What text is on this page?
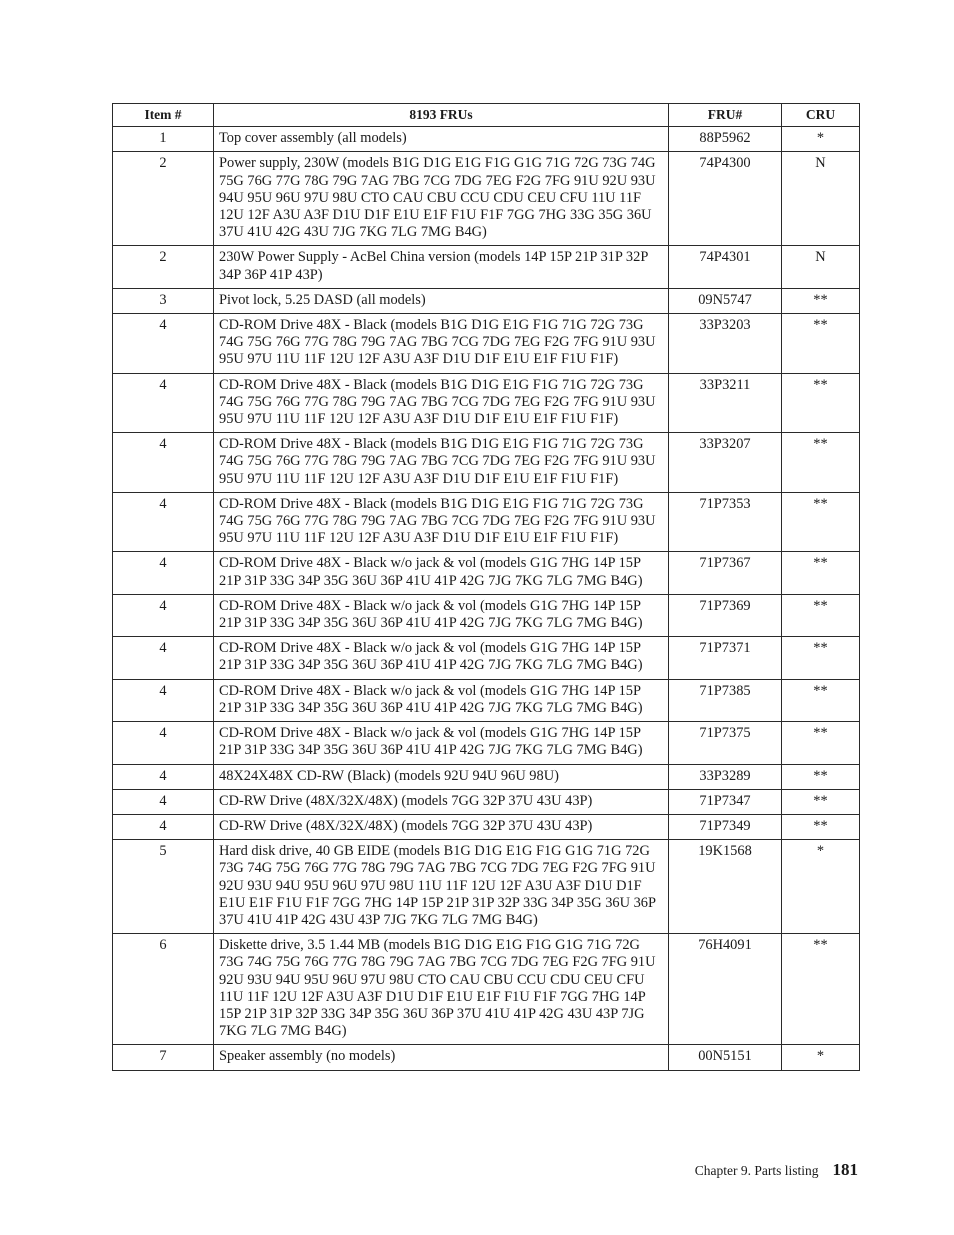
Item #	8193 FRUs	FRU#	CRU
1	Top cover assembly (all models)	88P5962	*
2	Power supply, 230W (models B1G D1G E1G F1G G1G 71G 72G 73G 74G 75G 76G 77G 78G 79G 7AG 7BG 7CG 7DG 7EG F2G 7FG 91U 92U 93U 94U 95U 96U 97U 98U CTO CAU CBU CCU CDU CEU CFU 11U 11F 12U 12F A3U A3F D1U D1F E1U E1F F1U F1F 7GG 7HG 33G 35G 36U 37U 41U 42G 43U 7JG 7KG 7LG 7MG B4G)	74P4300	N
2	230W Power Supply - AcBel China version (models 14P 15P 21P 31P 32P 34P 36P 41P 43P)	74P4301	N
3	Pivot lock, 5.25 DASD (all models)	09N5747	**
4	CD-ROM Drive 48X - Black (models B1G D1G E1G F1G 71G 72G 73G 74G 75G 76G 77G 78G 79G 7AG 7BG 7CG 7DG 7EG F2G 7FG 91U 93U 95U 97U 11U 11F 12U 12F A3U A3F D1U D1F E1U E1F F1U F1F)	33P3203	**
4	CD-ROM Drive 48X - Black (models B1G D1G E1G F1G 71G 72G 73G 74G 75G 76G 77G 78G 79G 7AG 7BG 7CG 7DG 7EG F2G 7FG 91U 93U 95U 97U 11U 11F 12U 12F A3U A3F D1U D1F E1U E1F F1U F1F)	33P3211	**
4	CD-ROM Drive 48X - Black (models B1G D1G E1G F1G 71G 72G 73G 74G 75G 76G 77G 78G 79G 7AG 7BG 7CG 7DG 7EG F2G 7FG 91U 93U 95U 97U 11U 11F 12U 12F A3U A3F D1U D1F E1U E1F F1U F1F)	33P3207	**
4	CD-ROM Drive 48X - Black (models B1G D1G E1G F1G 71G 72G 73G 74G 75G 76G 77G 78G 79G 7AG 7BG 7CG 7DG 7EG F2G 7FG 91U 93U 95U 97U 11U 11F 12U 12F A3U A3F D1U D1F E1U E1F F1U F1F)	71P7353	**
4	CD-ROM Drive 48X - Black w/o jack & vol (models G1G 7HG 14P 15P 21P 31P 33G 34P 35G 36U 36P 41U 41P 42G 7JG 7KG 7LG 7MG B4G)	71P7367	**
4	CD-ROM Drive 48X - Black w/o jack & vol (models G1G 7HG 14P 15P 21P 31P 33G 34P 35G 36U 36P 41U 41P 42G 7JG 7KG 7LG 7MG B4G)	71P7369	**
4	CD-ROM Drive 48X - Black w/o jack & vol (models G1G 7HG 14P 15P 21P 31P 33G 34P 35G 36U 36P 41U 41P 42G 7JG 7KG 7LG 7MG B4G)	71P7371	**
4	CD-ROM Drive 48X - Black w/o jack & vol (models G1G 7HG 14P 15P 21P 31P 33G 34P 35G 36U 36P 41U 41P 42G 7JG 7KG 7LG 7MG B4G)	71P7385	**
4	CD-ROM Drive 48X - Black w/o jack & vol (models G1G 7HG 14P 15P 21P 31P 33G 34P 35G 36U 36P 41U 41P 42G 7JG 7KG 7LG 7MG B4G)	71P7375	**
4	48X24X48X CD-RW (Black) (models 92U 94U 96U 98U)	33P3289	**
4	CD-RW Drive (48X/32X/48X) (models 7GG 32P 37U 43U 43P)	71P7347	**
4	CD-RW Drive (48X/32X/48X) (models 7GG 32P 37U 43U 43P)	71P7349	**
5	Hard disk drive, 40 GB EIDE (models B1G D1G E1G F1G G1G 71G 72G 73G 74G 75G 76G 77G 78G 79G 7AG 7BG 7CG 7DG 7EG F2G 7FG 91U 92U 93U 94U 95U 96U 97U 98U 11U 11F 12U 12F A3U A3F D1U D1F E1U E1F F1U F1F 7GG 7HG 14P 15P 21P 31P 32P 33G 34P 35G 36U 36P 37U 41U 41P 42G 43U 43P 7JG 7KG 7LG 7MG B4G)	19K1568	*
6	Diskette drive, 3.5 1.44 MB (models B1G D1G E1G F1G G1G 71G 72G 73G 74G 75G 76G 77G 78G 79G 7AG 7BG 7CG 7DG 7EG F2G 7FG 91U 92U 93U 94U 95U 96U 97U 98U CTO CAU CBU CCU CDU CEU CFU 11U 11F 12U 12F A3U A3F D1U D1F E1U E1F F1U F1F 7GG 7HG 14P 15P 21P 31P 32P 33G 34P 35G 36U 36P 37U 41U 41P 42G 43U 43P 7JG 7KG 7LG 7MG B4G)	76H4091	**
7	Speaker assembly (no models)	00N5151	*
Chapter 9. Parts listing 181
